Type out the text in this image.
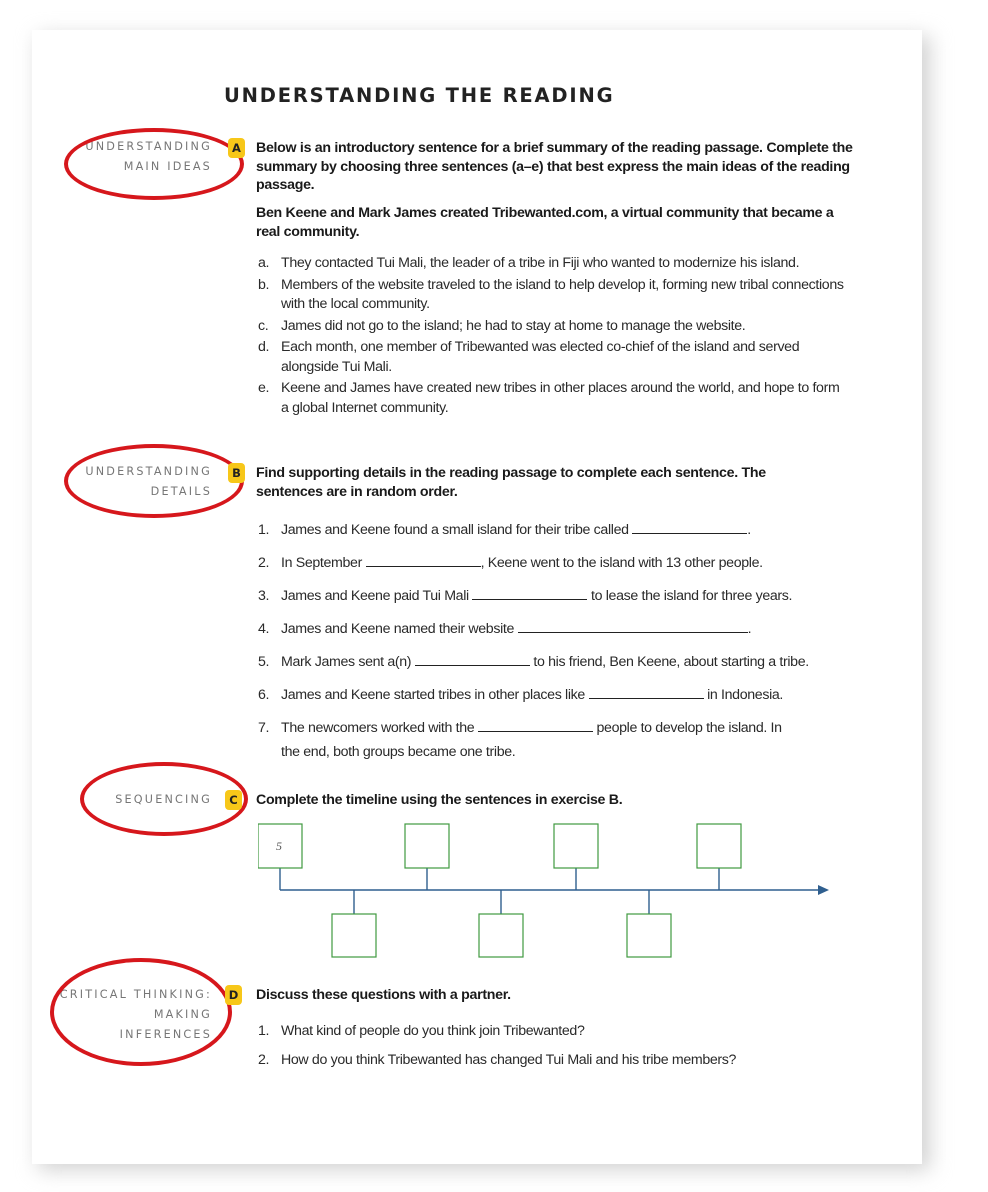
UNDERSTANDING THE READING
UNDERSTANDING
MAIN IDEAS
A Below is an introductory sentence for a brief summary of the reading passage. Complete the summary by choosing three sentences (a–e) that best express the main ideas of the reading passage.

Ben Keene and Mark James created Tribewanted.com, a virtual community that became a real community.

a. They contacted Tui Mali, the leader of a tribe in Fiji who wanted to modernize his island.
b. Members of the website traveled to the island to help develop it, forming new tribal connections with the local community.
c. James did not go to the island; he had to stay at home to manage the website.
d. Each month, one member of Tribewanted was elected co-chief of the island and served alongside Tui Mali.
e. Keene and James have created new tribes in other places around the world, and hope to form a global Internet community.
UNDERSTANDING
DETAILS
B Find supporting details in the reading passage to complete each sentence. The sentences are in random order.

1. James and Keene found a small island for their tribe called	.
2. In September	, Keene went to the island with 13 other people.
3. James and Keene paid Tui Mali	to lease the island for three years.
4. James and Keene named their website	.
5. Mark James sent a(n)	to his friend, Ben Keene, about starting a tribe.
6. James and Keene started tribes in other places like	in Indonesia.
7. The newcomers worked with the	people to develop the island. In
the end, both groups became one tribe.
SEQUENCING	C	Complete the timeline using the sentences in exercise B.

5
CRITICAL THINKING:
MAKING
INFERENCES
D Discuss these questions with a partner.

1. What kind of people do you think join Tribewanted?
2. How do you think Tribewanted has changed Tui Mali and his tribe members?
